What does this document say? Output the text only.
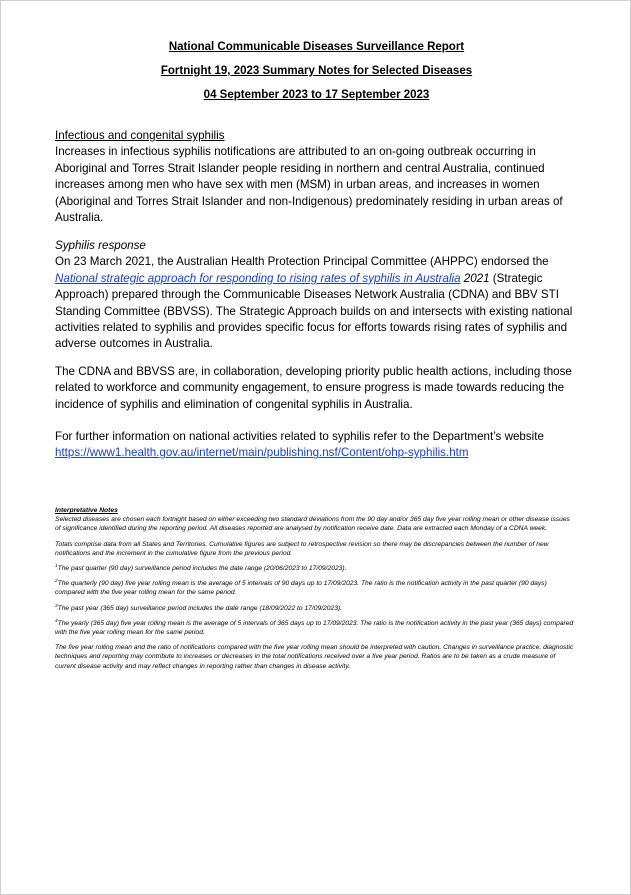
National Communicable Diseases Surveillance Report
Fortnight 19, 2023 Summary Notes for Selected Diseases
04 September 2023 to 17 September 2023

Infectious and congenital syphilis

Increases in infectious syphilis notifications are attributed to an on-going outbreak occurring in Aboriginal and Torres Strait Islander people residing in northern and central Australia, continued increases among men who have sex with men (MSM) in urban areas, and increases in women (Aboriginal and Torres Strait Islander and non-Indigenous) predominately residing in urban areas of Australia.

Syphilis response

On 23 March 2021, the Australian Health Protection Principal Committee (AHPPC) endorsed the National strategic approach for responding to rising rates of syphilis in Australia 2021 (Strategic Approach) prepared through the Communicable Diseases Network Australia (CDNA) and BBV STI Standing Committee (BBVSS). The Strategic Approach builds on and intersects with existing national activities related to syphilis and provides specific focus for efforts towards rising rates of syphilis and adverse outcomes in Australia.

The CDNA and BBVSS are, in collaboration, developing priority public health actions, including those related to workforce and community engagement, to ensure progress is made towards reducing the incidence of syphilis and elimination of congenital syphilis in Australia.

For further information on national activities related to syphilis refer to the Department’s website

https://www1.health.gov.au/internet/main/publishing.nsf/Content/ohp-syphilis.htm

Interpretative Notes

Selected diseases are chosen each fortnight based on either exceeding two standard deviations from the 90 day and/or 365 day five year rolling mean or other disease issues of significance identified during the reporting period. All diseases reported are analysed by notification receive date. Data are extracted each Monday of a CDNA week.

Totals comprise data from all States and Territories. Cumulative figures are subject to retrospective revision so there may be discrepancies between the number of new notifications and the increment in the cumulative figure from the previous period.

$^1$The past quarter (90 day) surveillance period includes the date range (20/06/2023 to 17/09/2023).

$^2$The quarterly (90 day) five year rolling mean is the average of 5 intervals of 90 days up to 17/09/2023. The ratio is the notification activity in the past quarter (90 days) compared with the five year rolling mean for the same period.

$^3$The past year (365 day) surveillance period includes the date range (18/09/2022 to 17/09/2023).

$^4$The yearly (365 day) five year rolling mean is the average of 5 intervals of 365 days up to 17/09/2023. The ratio is the notification activity in the past year (365 days) compared with the five year rolling mean for the same period.

The five year rolling mean and the ratio of notifications compared with the five year rolling mean should be interpreted with caution. Changes in surveillance practice, diagnostic techniques and reporting may contribute to increases or decreases in the total notifications received over a five year period. Ratios are to be taken as a crude measure of current disease activity and may reflect changes in reporting rather than changes in disease activity.
